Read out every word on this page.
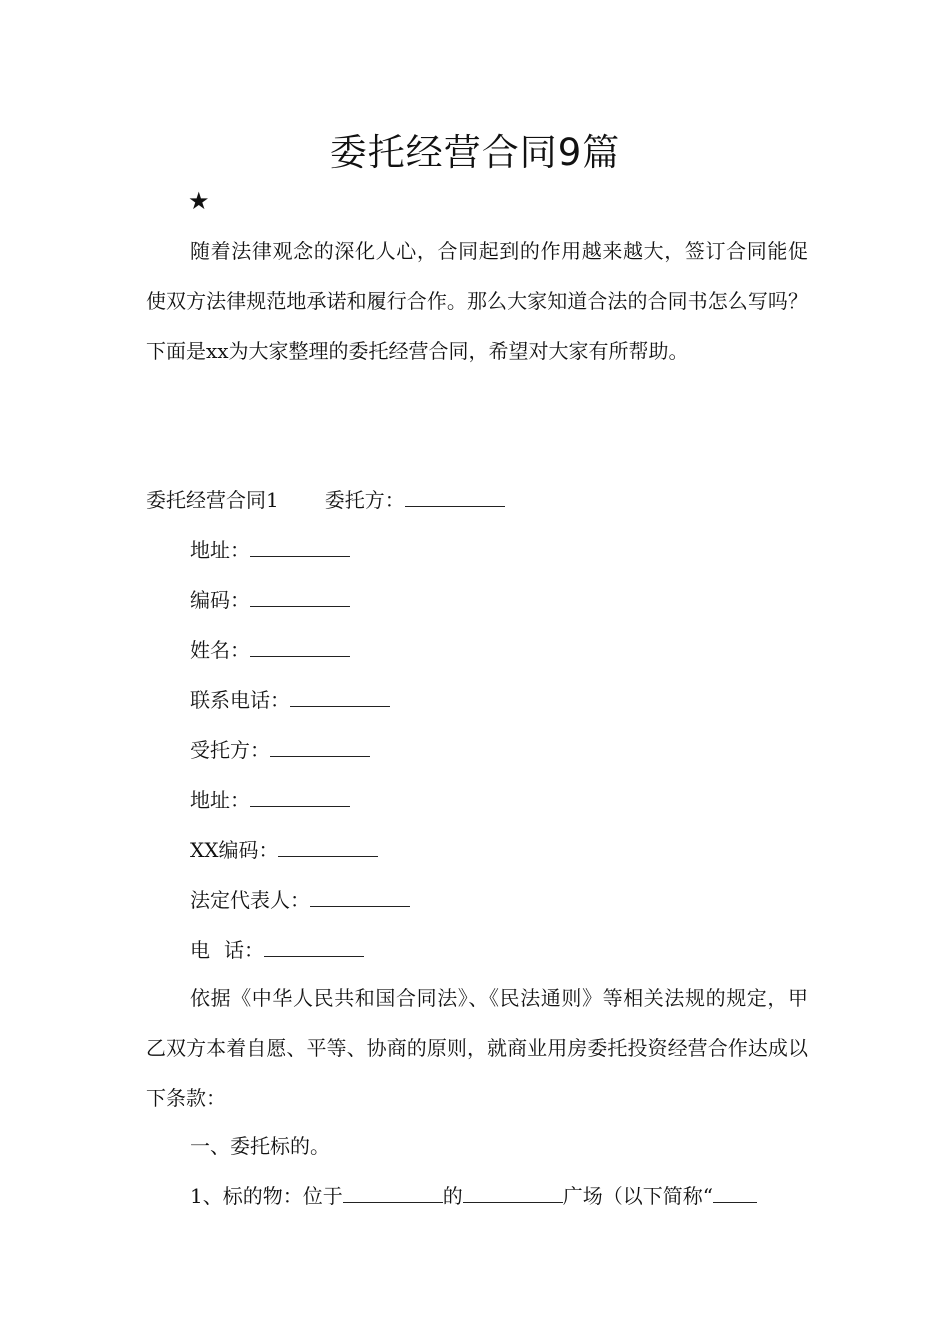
委托经营合同9篇
★
随着法律观念的深化人心，合同起到的作用越来越大，签订合同能促使双方法律规范地承诺和履行合作。那么大家知道合法的合同书怎么写吗？下面是xx为大家整理的委托经营合同，希望对大家有所帮助。
委托经营合同1 委托方：
地址：
编码：
姓名：
联系电话：
受托方：
地址：
XX编码：
法定代表人：
电 话：
依据《中华人民共和国合同法》、《民法通则》等相关法规的规定，甲乙双方本着自愿、平等、协商的原则，就商业用房委托投资经营合作达成以下条款：
一、委托标的。
1、标的物：位于	的	广场（以下简称“
